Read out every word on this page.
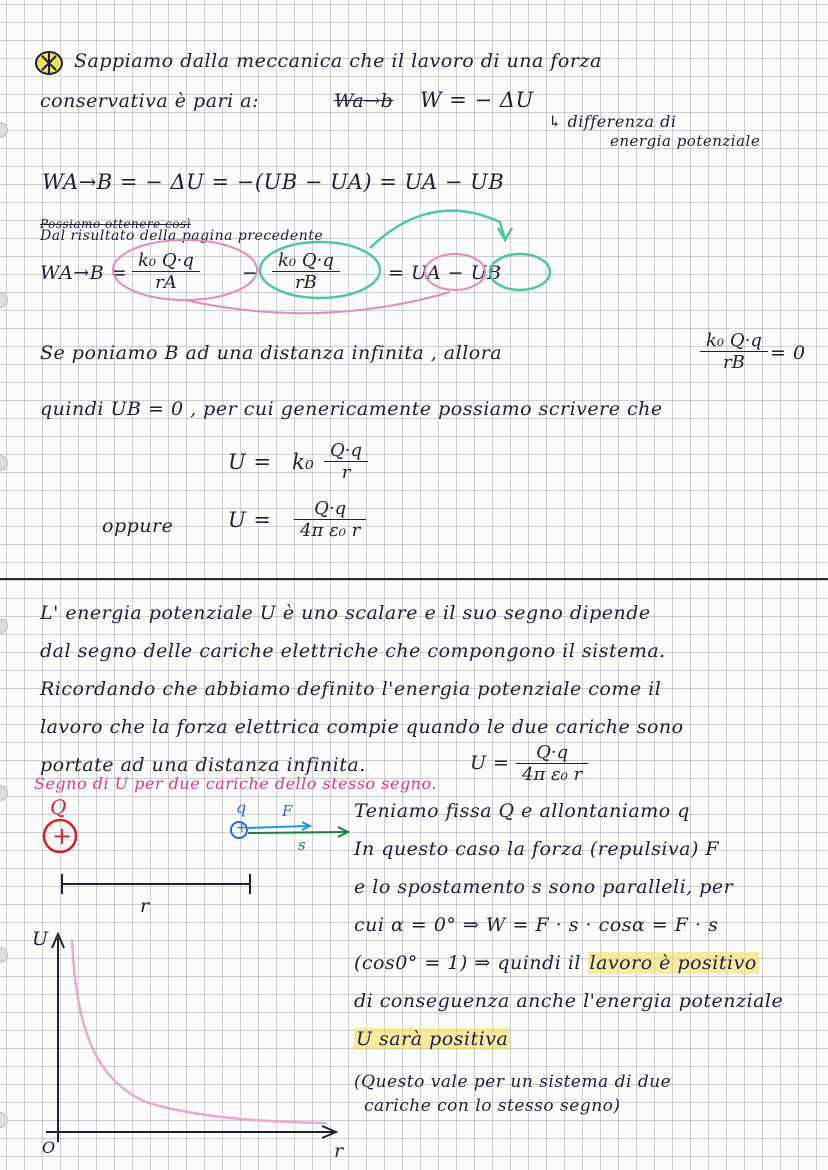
Sappiamo dalla meccanica che il lavoro di una forza
conservativa è pari a:	Wa→b W = − ΔU
↳ differenza di
energia potenziale
WA→B = − ΔU = −(UB − UA) = UA − UB
Possiamo ottenere così
Dal risultato della pagina precedente
$WA\to B = \frac{\text{k₀ Q·q}}{rA} - \frac{\text{k₀ Q·q}}{rB}$	= UA − UB
Se poniamo B ad una distanza infinita , allora	$\frac{\text{k₀ Q·q}}{rB} = 0$
quindi UB = 0 , per cui genericamente possiamo scrivere che
$U = k_0 \frac{Q\cdot q}{r}$
oppure	$U = \frac{Q\cdot q}{\text{4π ε₀ r}}$
L' energia potenziale U è uno scalare e il suo segno dipende
dal segno delle cariche elettriche che compongono il sistema.
Ricordando che abbiamo definito l'energia potenziale come il
lavoro che la forza elettrica compie quando le due cariche sono
portate ad una distanza infinita.	$U = \frac{Q\cdot q}{\text{4π ε₀ r}}$
Segno di U per due cariche dello stesso segno.
Q
+
q
+
F
s
r
U
r
O
Teniamo fissa Q e allontaniamo q
In questo caso la forza (repulsiva) F
e lo spostamento s sono paralleli, per
cui α = 0° ⇒ W = F · s · cosα = F · s
(cos0° = 1) ⇒ quindi il lavoro è positivo
di conseguenza anche l'energia potenziale
U sarà positiva
(Questo vale per un sistema di due
cariche con lo stesso segno)
